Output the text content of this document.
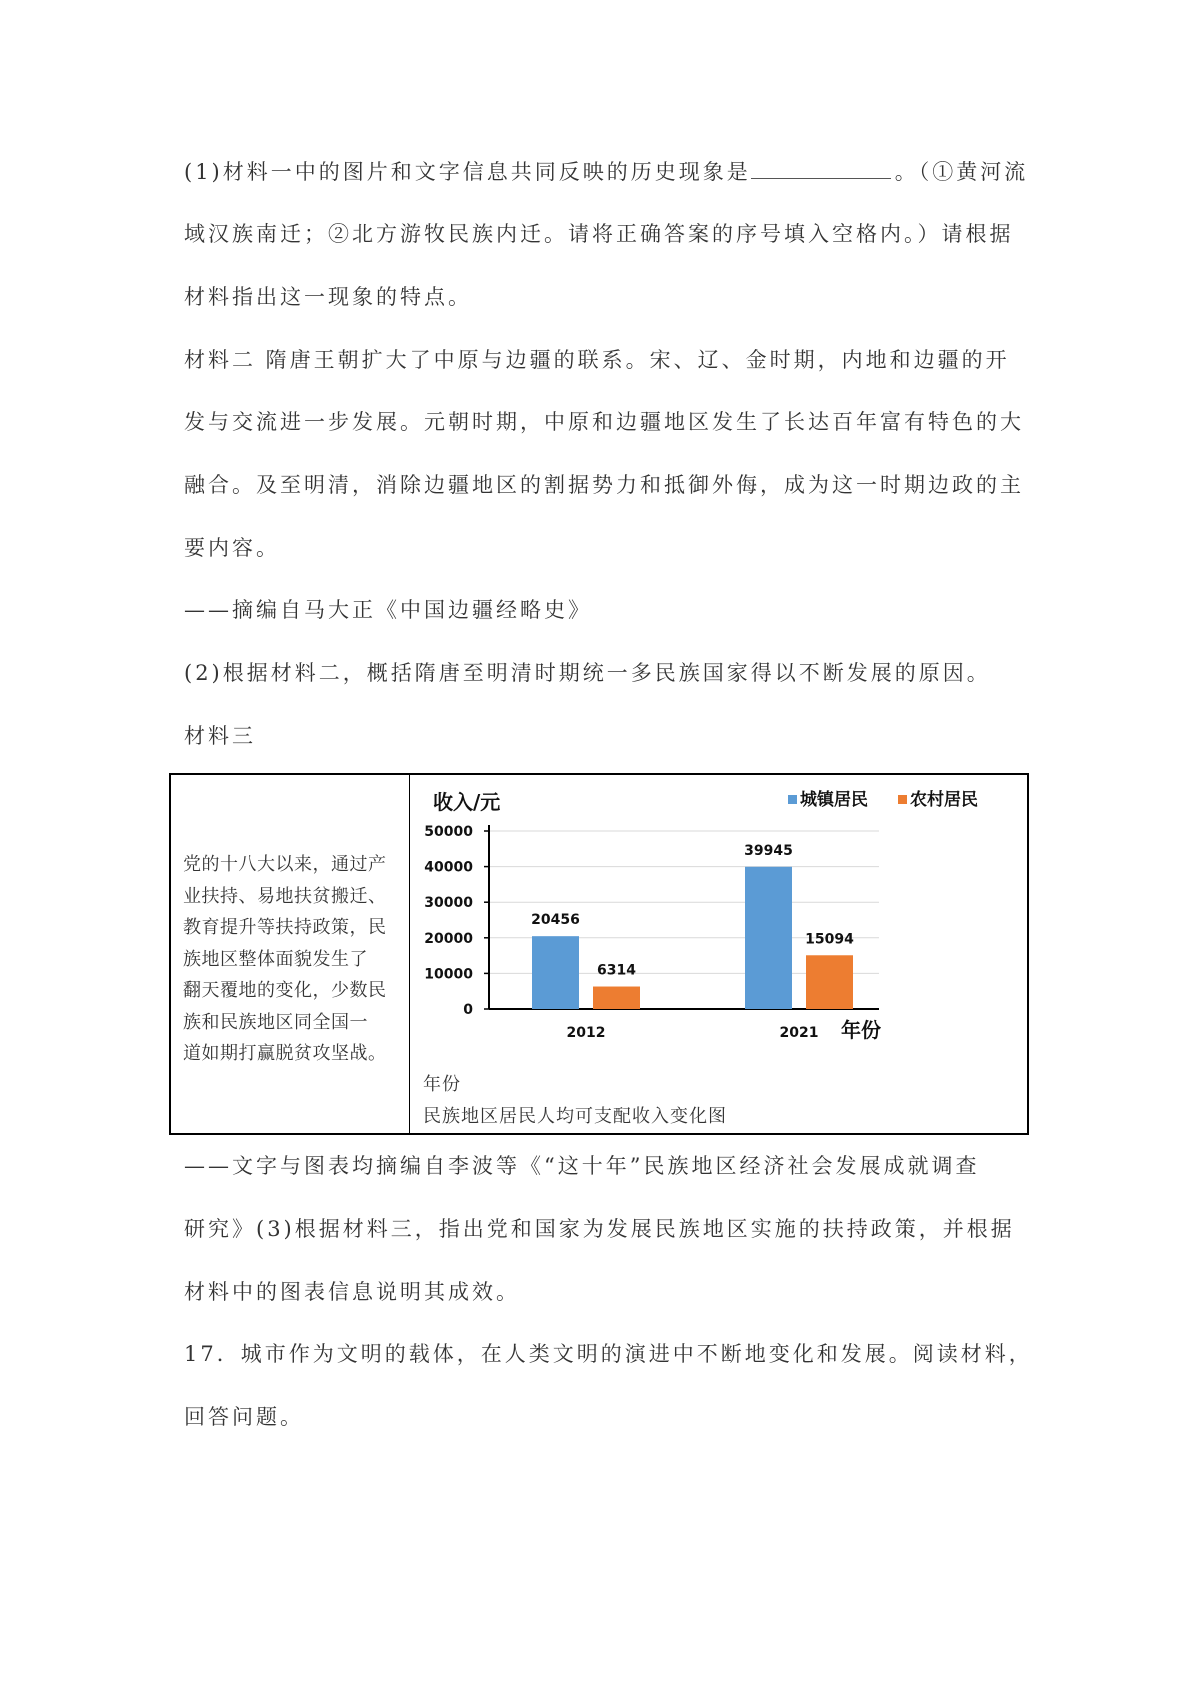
(1)材料一中的图片和文字信息共同反映的历史现象是	。（①黄河流

域汉族南迁；②北方游牧民族内迁。请将正确答案的序号填入空格内。）请根据

材料指出这一现象的特点。

材料二 隋唐王朝扩大了中原与边疆的联系。宋、辽、金时期，内地和边疆的开

发与交流进一步发展。元朝时期，中原和边疆地区发生了长达百年富有特色的大

融合。及至明清，消除边疆地区的割据势力和抵御外侮，成为这一时期边政的主

要内容。

——摘编自马大正《中国边疆经略史》

(2)根据材料二，概括隋唐至明清时期统一多民族国家得以不断发展的原因。

材料三

党的十八大以来，通过产
业扶持、易地扶贫搬迁、
教育提升等扶持政策，民
族地区整体面貌发生了
翻天覆地的变化，少数民
族和民族地区同全国一
道如期打赢脱贫攻坚战。
0
10000
20000
30000
40000
50000
收入/元
年份
20456
39945
6314
15094
2012	2021
城镇居民 农村居民
年份
民族地区居民人均可支配收入变化图

——文字与图表均摘编自李波等《“这十年”民族地区经济社会发展成就调查

研究》(3)根据材料三，指出党和国家为发展民族地区实施的扶持政策，并根据

材料中的图表信息说明其成效。

17．城市作为文明的载体，在人类文明的演进中不断地变化和发展。阅读材料，

回答问题。
